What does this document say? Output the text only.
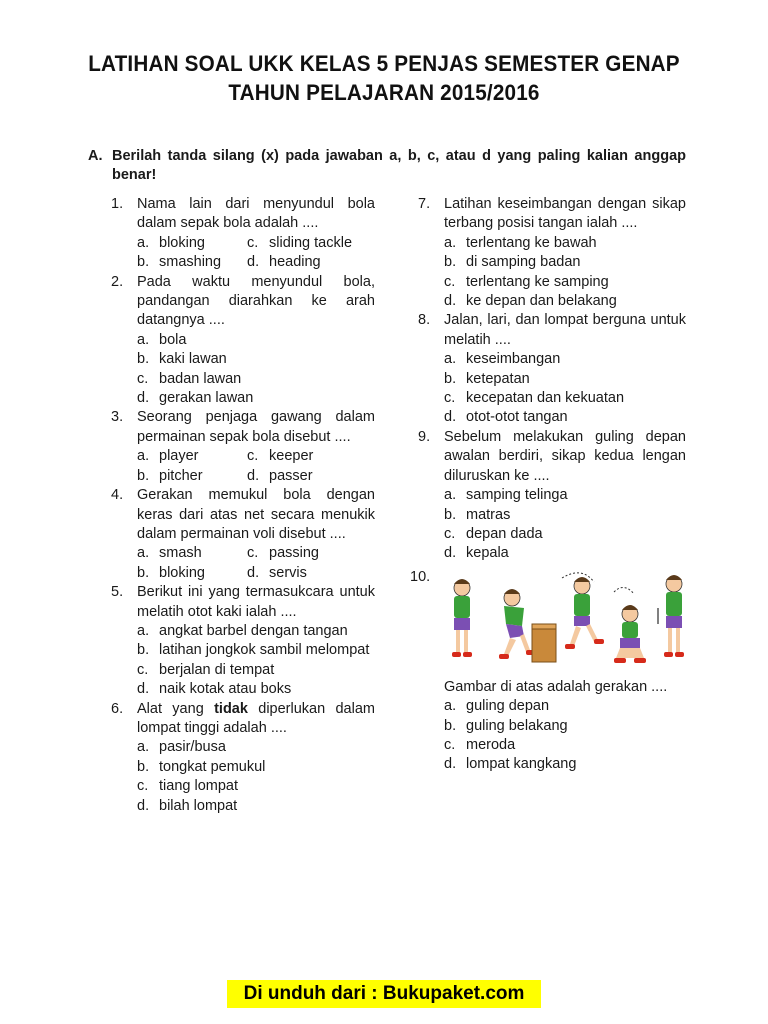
LATIHAN SOAL UKK KELAS 5 PENJAS SEMESTER GENAP
TAHUN PELAJARAN 2015/2016
A. Berilah tanda silang (x) pada jawaban a, b, c, atau d yang paling kalian anggap benar!
1. Nama lain dari menyundul bola dalam sepak bola adalah ....
a. bloking	c. sliding tackle
b. smashing	d. heading
2. Pada waktu menyundul bola, pandangan diarahkan ke arah datangnya ....
a. bola
b. kaki lawan
c. badan lawan
d. gerakan lawan
3. Seorang penjaga gawang dalam permainan sepak bola disebut ....
a. player	c. keeper
b. pitcher	d. passer
4. Gerakan memukul bola dengan keras dari atas net secara menukik dalam permainan voli disebut ....
a. smash	c. passing
b. bloking	d. servis
5. Berikut ini yang termasukcara untuk melatih otot kaki ialah ....
a. angkat barbel dengan tangan
b. latihan jongkok sambil melompat
c. berjalan di tempat
d. naik kotak atau boks
6. Alat yang tidak diperlukan dalam lompat tinggi adalah ....
a. pasir/busa
b. tongkat pemukul
c. tiang lompat
d. bilah lompat
7. Latihan keseimbangan dengan sikap terbang posisi tangan ialah ....
a. terlentang ke bawah
b. di samping badan
c. terlentang ke samping
d. ke depan dan belakang
8. Jalan, lari, dan lompat berguna untuk melatih ....
a. keseimbangan
b. ketepatan
c. kecepatan dan kekuatan
d. otot-otot tangan
9. Sebelum melakukan guling depan awalan berdiri, sikap kedua lengan diluruskan ke ....
a. samping telinga
b. matras
c. depan dada
d. kepala
10.
Gambar di atas adalah gerakan ....
a. guling depan
b. guling belakang
c. meroda
d. lompat kangkang
Di unduh dari : Bukupaket.com
